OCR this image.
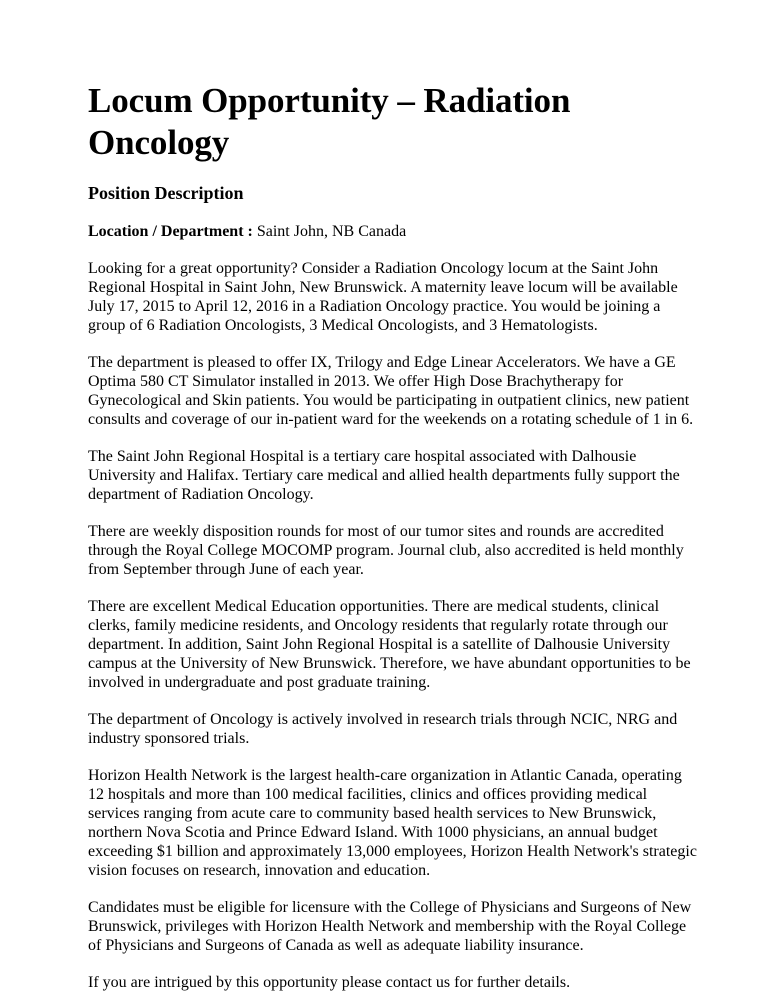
Locum Opportunity – Radiation Oncology
Position Description

Location / Department : Saint John, NB Canada

Looking for a great opportunity? Consider a Radiation Oncology locum at the Saint John Regional Hospital in Saint John, New Brunswick. A maternity leave locum will be available July 17, 2015 to April 12, 2016 in a Radiation Oncology practice. You would be joining a group of 6 Radiation Oncologists, 3 Medical Oncologists, and 3 Hematologists.

The department is pleased to offer IX, Trilogy and Edge Linear Accelerators. We have a GE Optima 580 CT Simulator installed in 2013. We offer High Dose Brachytherapy for Gynecological and Skin patients. You would be participating in outpatient clinics, new patient consults and coverage of our in-patient ward for the weekends on a rotating schedule of 1 in 6.

The Saint John Regional Hospital is a tertiary care hospital associated with Dalhousie University and Halifax. Tertiary care medical and allied health departments fully support the department of Radiation Oncology.

There are weekly disposition rounds for most of our tumor sites and rounds are accredited through the Royal College MOCOMP program. Journal club, also accredited is held monthly from September through June of each year.

There are excellent Medical Education opportunities. There are medical students, clinical clerks, family medicine residents, and Oncology residents that regularly rotate through our department. In addition, Saint John Regional Hospital is a satellite of Dalhousie University campus at the University of New Brunswick. Therefore, we have abundant opportunities to be involved in undergraduate and post graduate training.

The department of Oncology is actively involved in research trials through NCIC, NRG and industry sponsored trials.

Horizon Health Network is the largest health-care organization in Atlantic Canada, operating 12 hospitals and more than 100 medical facilities, clinics and offices providing medical services ranging from acute care to community based health services to New Brunswick, northern Nova Scotia and Prince Edward Island. With 1000 physicians, an annual budget exceeding $1 billion and approximately 13,000 employees, Horizon Health Network's strategic vision focuses on research, innovation and education.

Candidates must be eligible for licensure with the College of Physicians and Surgeons of New Brunswick, privileges with Horizon Health Network and membership with the Royal College of Physicians and Surgeons of Canada as well as adequate liability insurance.

If you are intrigued by this opportunity please contact us for further details.
